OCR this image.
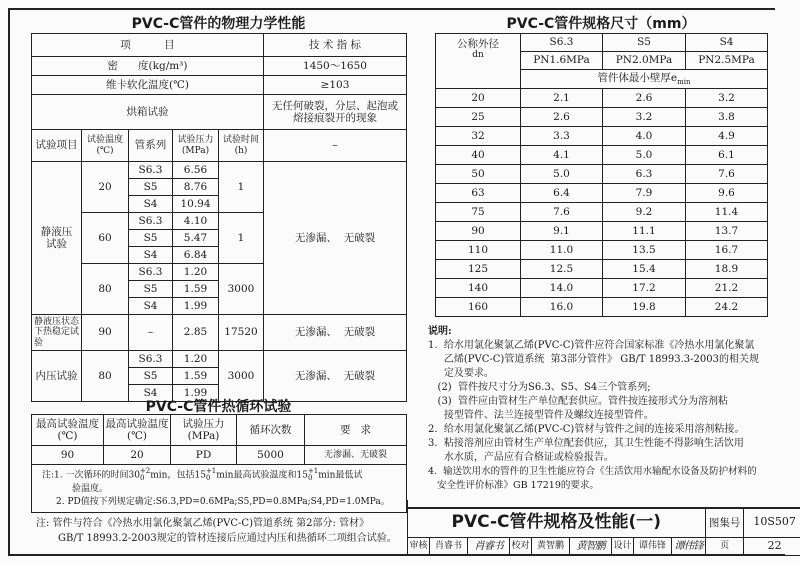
PVC-C管件的物理力学性能
项          目					技 术 指 标
密      度(kg/m³)					1450～1650
维卡软化温度(℃)					≥103
烘箱试验					无任何破裂，分层、起泡或熔接痕裂开的现象
试验项目	试验温度(℃)	管系列	试验压力(MPa)	试验时间(h)	–
静液压试验	20	S6.3	6.56	1	无渗漏、  无破裂
		S5	8.76		
		S4	10.94		
	60	S6.3	4.10	1	
		S5	5.47		
		S4	6.84		
	80	S6.3	1.20	3000	
		S5	1.59		
		S4	1.99		
静液压状态下热稳定试验	90	–	2.85	17520	无渗漏、  无破裂
内压试验	80	S6.3	1.20	3000	无渗漏、  无破裂
		S5	1.59		
		S4	1.99		
PVC-C管件热循环试验
最高试验温度(℃)	最高试验温度(℃)	试验压力(MPa)	循环次数	要   求
90	20	PD	5000	无渗漏、无破裂

注:1. 一次循环的时间30+2
0 min，包括15+1
0 min最高试验温度和15+1
0 min最低试
验温度。
2. PD值按下列规定确定:S6.3,PD=0.6MPa;S5,PD=0.8MPa;S4,PD=1.0MPa。
注: 管件与符合《冷热水用氯化聚氯乙烯(PVC-C)管道系统 第2部分: 管材》
GB/T 18993.2-2003规定的管材连接后应通过内压和热循环二项组合试验。
PVC-C管件规格尺寸（mm）
公称外径
dn	S6.3	S5	S4
	PN1.6MPa	PN2.0MPa	PN2.5MPa
	管件体最小壁厚$e_{min}$
20	2.1	2.6	3.2
25	2.6	3.2	3.8
32	3.3	4.0	4.9
40	4.1	5.0	6.1
50	5.0	6.3	7.6
63	6.4	7.9	9.6
75	7.6	9.2	11.4
90	9.1	11.1	13.7
110	11.0	13.5	16.7
125	12.5	15.4	18.9
140	14.0	17.2	21.2
160	16.0	19.8	24.2
说明:
1.  给水用氯化聚氯乙烯(PVC-C)管件应符合国家标准《冷热水用氯化聚氯
乙烯(PVC-C)管道系统  第3部分管件》 GB/T 18993.3-2003的相关规
定及要求。
(2)  管件按尺寸分为S6.3、S5、S4三个管系列;
(3)  管件应由管材生产单位配套供应。管件按连接形式分为溶剂粘
接型管件、法兰连接型管件及螺纹连接型管件。
2.  给水用氯化聚氯乙烯(PVC-C)管材与管件之间的连接采用溶剂粘接。
3.  粘接溶剂应由管材生产单位配套供应，其卫生性能不得影响生活饮用
水水质，产品应有合格证或检验报告。
4.  输送饮用水的管件的卫生性能应符合《生活饮用水输配水设备及防护材料的
安全性评价标准》GB 17219的要求。
PVC-C管件规格及性能(一)									图集号	10S507
审核	肖睿书	肖睿书	校对	黄智鹏	黄智鹏	设计	谭伟锋	谭伟锋	页	22
